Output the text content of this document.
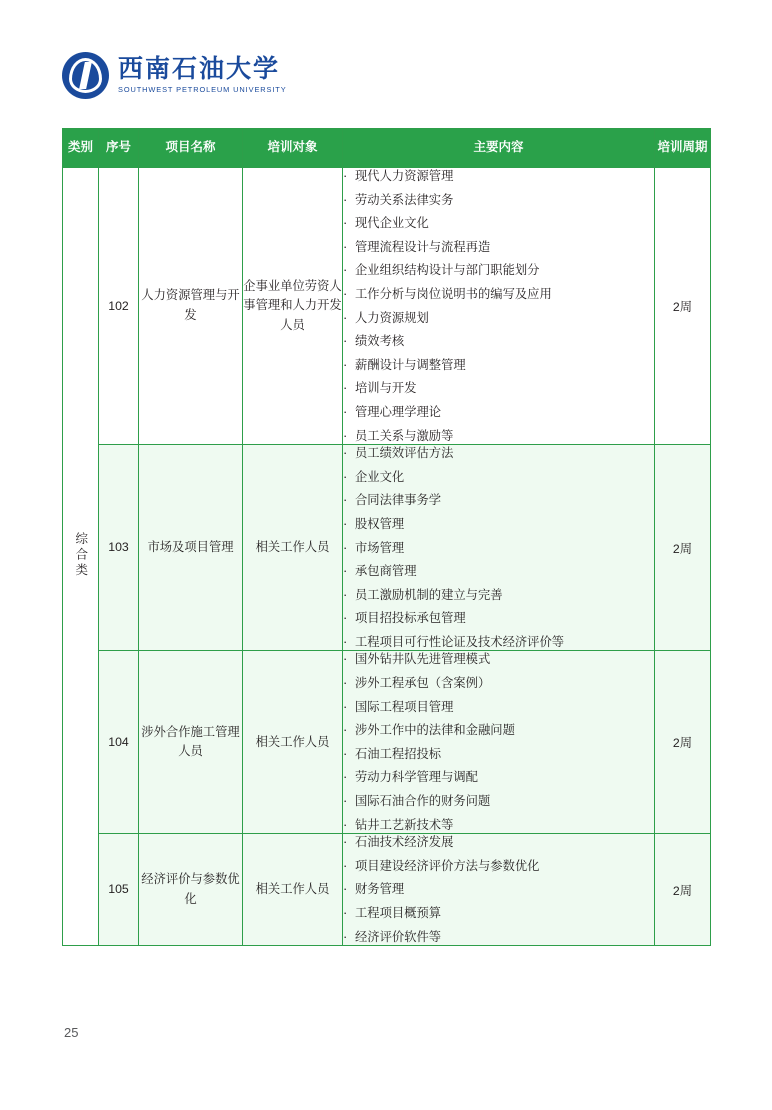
西南石油大学
SOUTHWEST PETROLEUM UNIVERSITY
类别	序号	项目名称	培训对象	主要内容	培训周期
综合类	102	人力资源管理与开发	企事业单位劳资人事管理和人力开发人员	
· 现代人力资源管理
· 劳动关系法律实务
· 现代企业文化
· 管理流程设计与流程再造
· 企业组织结构设计与部门职能划分
· 工作分析与岗位说明书的编写及应用
· 人力资源规划
· 绩效考核
· 薪酬设计与调整管理
· 培训与开发
· 管理心理学理论
· 员工关系与激励等
	2周
103	市场及项目管理	相关工作人员	
· 员工绩效评估方法
· 企业文化
· 合同法律事务学
· 股权管理
· 市场管理
· 承包商管理
· 员工激励机制的建立与完善
· 项目招投标承包管理
· 工程项目可行性论证及技术经济评价等
	2周
104	涉外合作施工管理人员	相关工作人员	
· 国外钻井队先进管理模式
· 涉外工程承包（含案例）
· 国际工程项目管理
· 涉外工作中的法律和金融问题
· 石油工程招投标
· 劳动力科学管理与调配
· 国际石油合作的财务问题
· 钻井工艺新技术等
	2周
105	经济评价与参数优化	相关工作人员	
· 石油技术经济发展
· 项目建设经济评价方法与参数优化
· 财务管理
· 工程项目概预算
· 经济评价软件等
	2周
25
